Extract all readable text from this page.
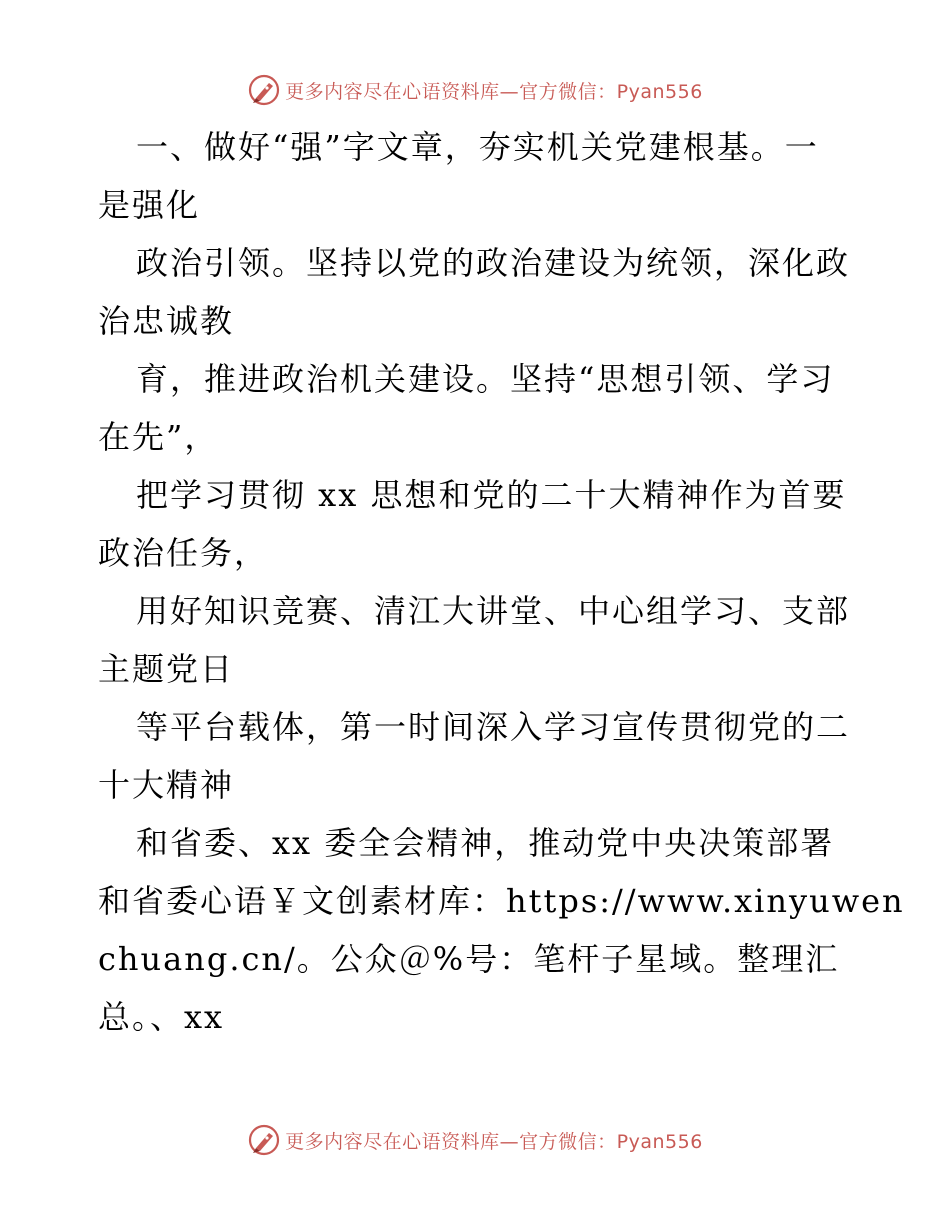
更多内容尽在心语资料库—官方微信：Pyan556
一、做好“强”字文章，夯实机关党建根基。一
是强化
政治引领。坚持以党的政治建设为统领，深化政
治忠诚教
育，推进政治机关建设。坚持“思想引领、学习
在先”，
把学习贯彻 xx 思想和党的二十大精神作为首要
政治任务，
用好知识竞赛、清江大讲堂、中心组学习、支部
主题党日
等平台载体，第一时间深入学习宣传贯彻党的二
十大精神
和省委、xx 委全会精神，推动党中央决策部署
和省委心语￥文创素材库：https://www.xinyuwen
chuang.cn/。公众＠%号：笔杆子星域。整理汇
总。、xx
更多内容尽在心语资料库—官方微信：Pyan556
